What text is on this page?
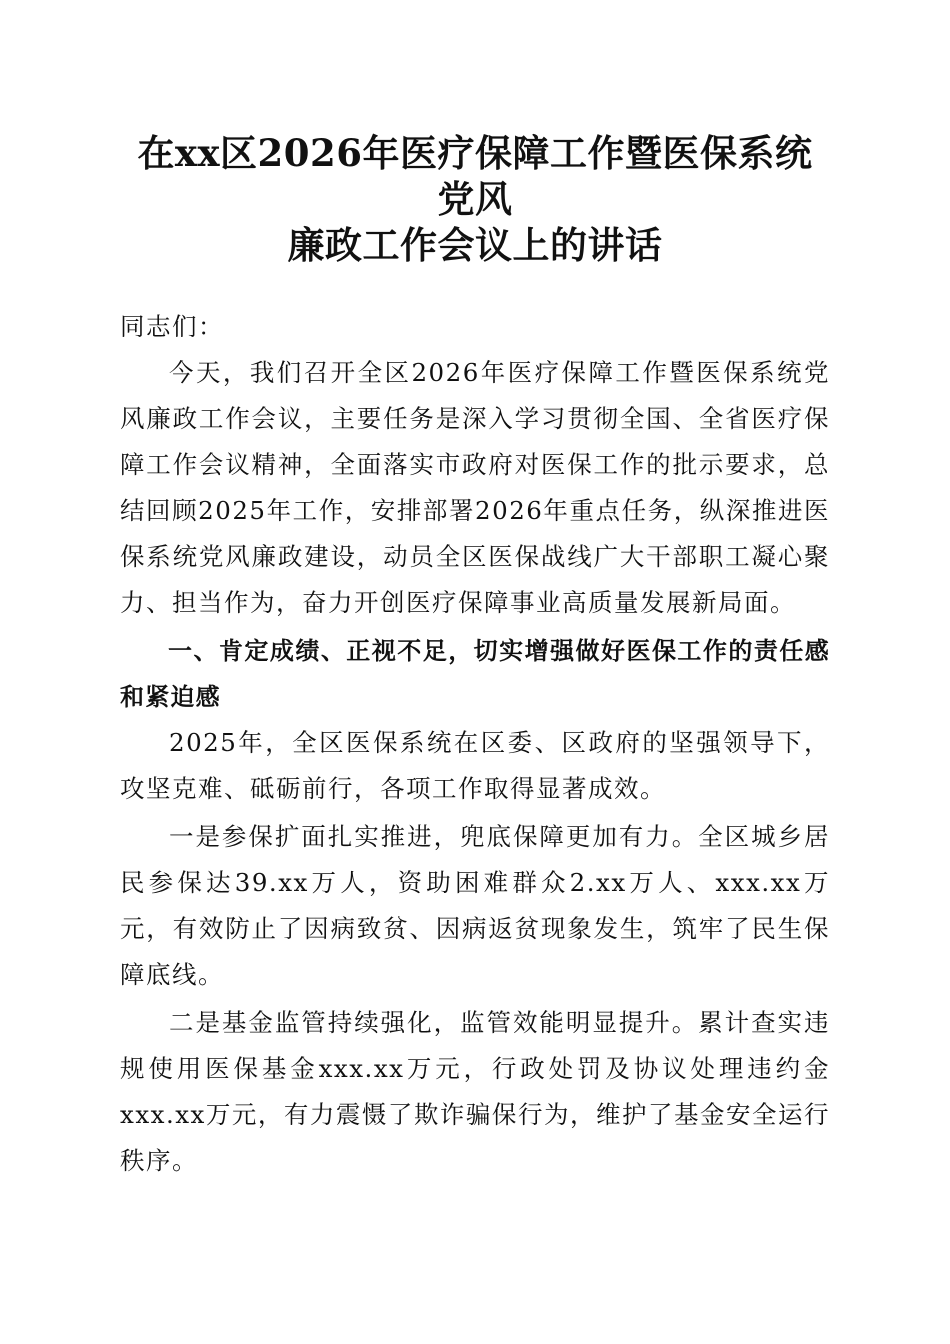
在xx区2026年医疗保障工作暨医保系统党风
廉政工作会议上的讲话

同志们：

今天，我们召开全区2026年医疗保障工作暨医保系统党风廉政工作会议，主要任务是深入学习贯彻全国、全省医疗保障工作会议精神，全面落实市政府对医保工作的批示要求，总结回顾2025年工作，安排部署2026年重点任务，纵深推进医保系统党风廉政建设，动员全区医保战线广大干部职工凝心聚力、担当作为，奋力开创医疗保障事业高质量发展新局面。

一、肯定成绩、正视不足，切实增强做好医保工作的责任感和紧迫感

2025年，全区医保系统在区委、区政府的坚强领导下，攻坚克难、砥砺前行，各项工作取得显著成效。

一是参保扩面扎实推进，兜底保障更加有力。全区城乡居民参保达39.xx万人，资助困难群众2.xx万人、xxx.xx万元，有效防止了因病致贫、因病返贫现象发生，筑牢了民生保障底线。

二是基金监管持续强化，监管效能明显提升。累计查实违规使用医保基金xxx.xx万元，行政处罚及协议处理违约金xxx.xx万元，有力震慑了欺诈骗保行为，维护了基金安全运行秩序。
